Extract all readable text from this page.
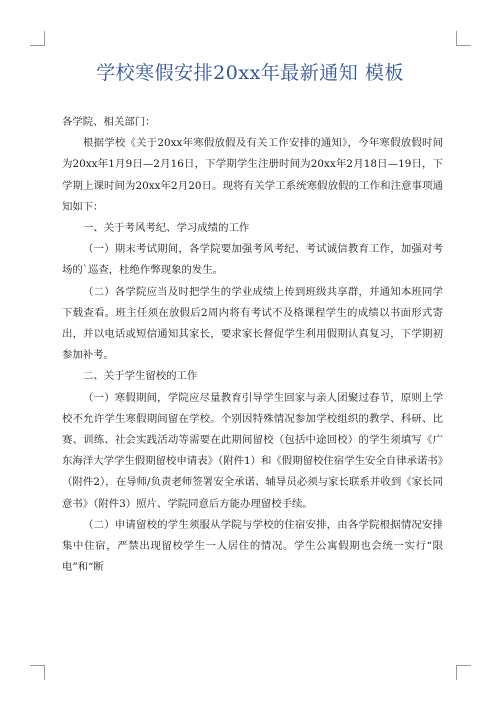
学校寒假安排20xx年最新通知 模板

各学院、相关部门：

根据学校《关于20xx年寒假放假及有关工作安排的通知》，今年寒假放假时间为20xx年1月9日—2月16日，下学期学生注册时间为20xx年2月18日—19日，下学期上课时间为20xx年2月20日。现将有关学工系统寒假放假的工作和注意事项通知如下：

一、关于考风考纪、学习成绩的工作

（一）期末考试期间，各学院要加强考风考纪、考试诚信教育工作，加强对考场的`巡查，杜绝作弊现象的发生。

（二）各学院应当及时把学生的学业成绩上传到班级共享群，并通知本班同学下载查看。班主任须在放假后2周内将有考试不及格课程学生的成绩以书面形式寄出，并以电话或短信通知其家长，要求家长督促学生利用假期认真复习，下学期初参加补考。

二、关于学生留校的工作

（一）寒假期间，学院应尽量教育引导学生回家与亲人团聚过春节，原则上学校不允许学生寒假期间留在学校。个别因特殊情况参加学校组织的教学、科研、比赛、训练、社会实践活动等需要在此期间留校（包括中途回校）的学生须填写《广东海洋大学学生假期留校申请表》（附件1）和《假期留校住宿学生安全自律承诺书》（附件2），在导师/负责老师签署安全承诺、辅导员必须与家长联系并收到《家长同意书》（附件3）照片、学院同意后方能办理留校手续。

（二）申请留校的学生须服从学院与学校的住宿安排，由各学院根据情况安排集中住宿，严禁出现留校学生一人居住的情况。学生公寓假期也会统一实行“限电”和“断
